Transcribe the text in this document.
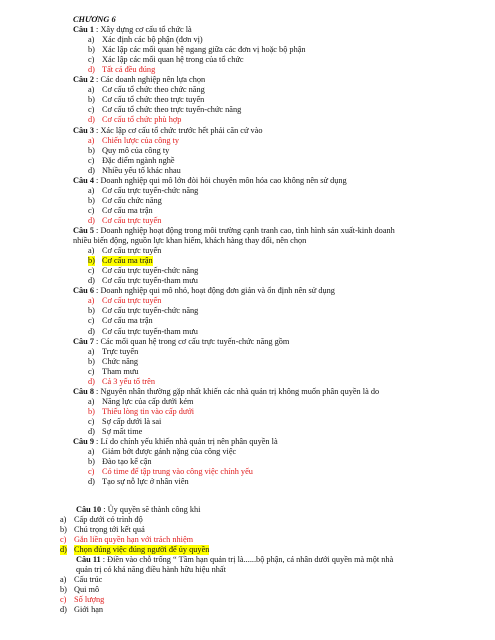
CHƯƠNG 6
Câu 1 : Xây dựng cơ cấu tổ chức là
a) Xác định các bộ phận (đơn vị)
b) Xác lập các mối quan hệ ngang giữa các đơn vị hoặc bộ phận
c) Xác lập các mối quan hệ trong của tổ chức
d) Tất cả đều đúng
Câu 2 : Các doanh nghiệp nên lựa chọn
a) Cơ cấu tổ chức theo chức năng
b) Cơ cấu tổ chức theo trực tuyến
c) Cơ cấu tổ chức theo trực tuyến-chức năng
d) Cơ cấu tổ chức phù hợp
Câu 3 : Xác lập cơ cấu tổ chức trước hết phải căn cứ vào
a) Chiến lược của công ty
b) Quy mô của công ty
c) Đặc điểm ngành nghề
d) Nhiều yếu tố khác nhau
Câu 4 : Doanh nghiệp qui mô lớn đòi hỏi chuyên môn hóa cao không nên sử dụng
a) Cơ cấu trực tuyến-chức năng
b) Cơ cấu chức năng
c) Cơ cấu ma trận
d) Cơ cấu trực tuyến
Câu 5 : Doanh nghiệp hoạt động trong môi trường cạnh tranh cao, tình hình sản xuất-kinh doanh
nhiều biến động, nguồn lực khan hiếm, khách hàng thay đổi, nên chọn
a) Cơ cấu trực tuyến
b) Cơ cấu ma trận
c) Cơ cấu trực tuyến-chức năng
d) Cơ cấu trực tuyến-tham mưu
Câu 6 : Doanh nghiệp qui mô nhỏ, hoạt động đơn giản và ổn định nên sử dụng
a) Cơ cấu trực tuyến
b) Cơ cấu trực tuyến-chức năng
c) Cơ cấu ma trận
d) Cơ cấu trực tuyến-tham mưu
Câu 7 : Các mối quan hệ trong cơ cấu trực tuyến-chức năng gồm
a) Trực tuyến
b) Chức năng
c) Tham mưu
d) Cả 3 yếu tố trên
Câu 8 : Nguyên nhân thường gặp nhất khiến các nhà quản trị không muốn phân quyền là do
a) Năng lực của cấp dưới kém
b) Thiếu lòng tin vào cấp dưới
c) Sợ cấp dưới là sai
d) Sợ mất time
Câu 9 : Lí do chính yếu khiến nhà quản trị nên phân quyền là
a) Giảm bớt được gánh nặng của công việc
b) Đào tạo kế cận
c) Có time để tập trung vào công việc chính yếu
d) Tạo sự nỗ lực ở nhân viên
Câu 10 : Ủy quyền sẽ thành công khi
a) Cấp dưới có trình độ
b) Chú trọng tới kết quả
c) Gắn liền quyền hạn với trách nhiệm
d) Chọn đúng việc đúng người để ủy quyền
Câu 11 : Điền vào chỗ trống “ Tầm hạn quản trị là......bộ phận, cá nhân dưới quyền mà một nhà
quản trị có khả năng điều hành hữu hiệu nhất
a) Cấu trúc
b) Qui mô
c) Số lượng
d) Giới hạn
